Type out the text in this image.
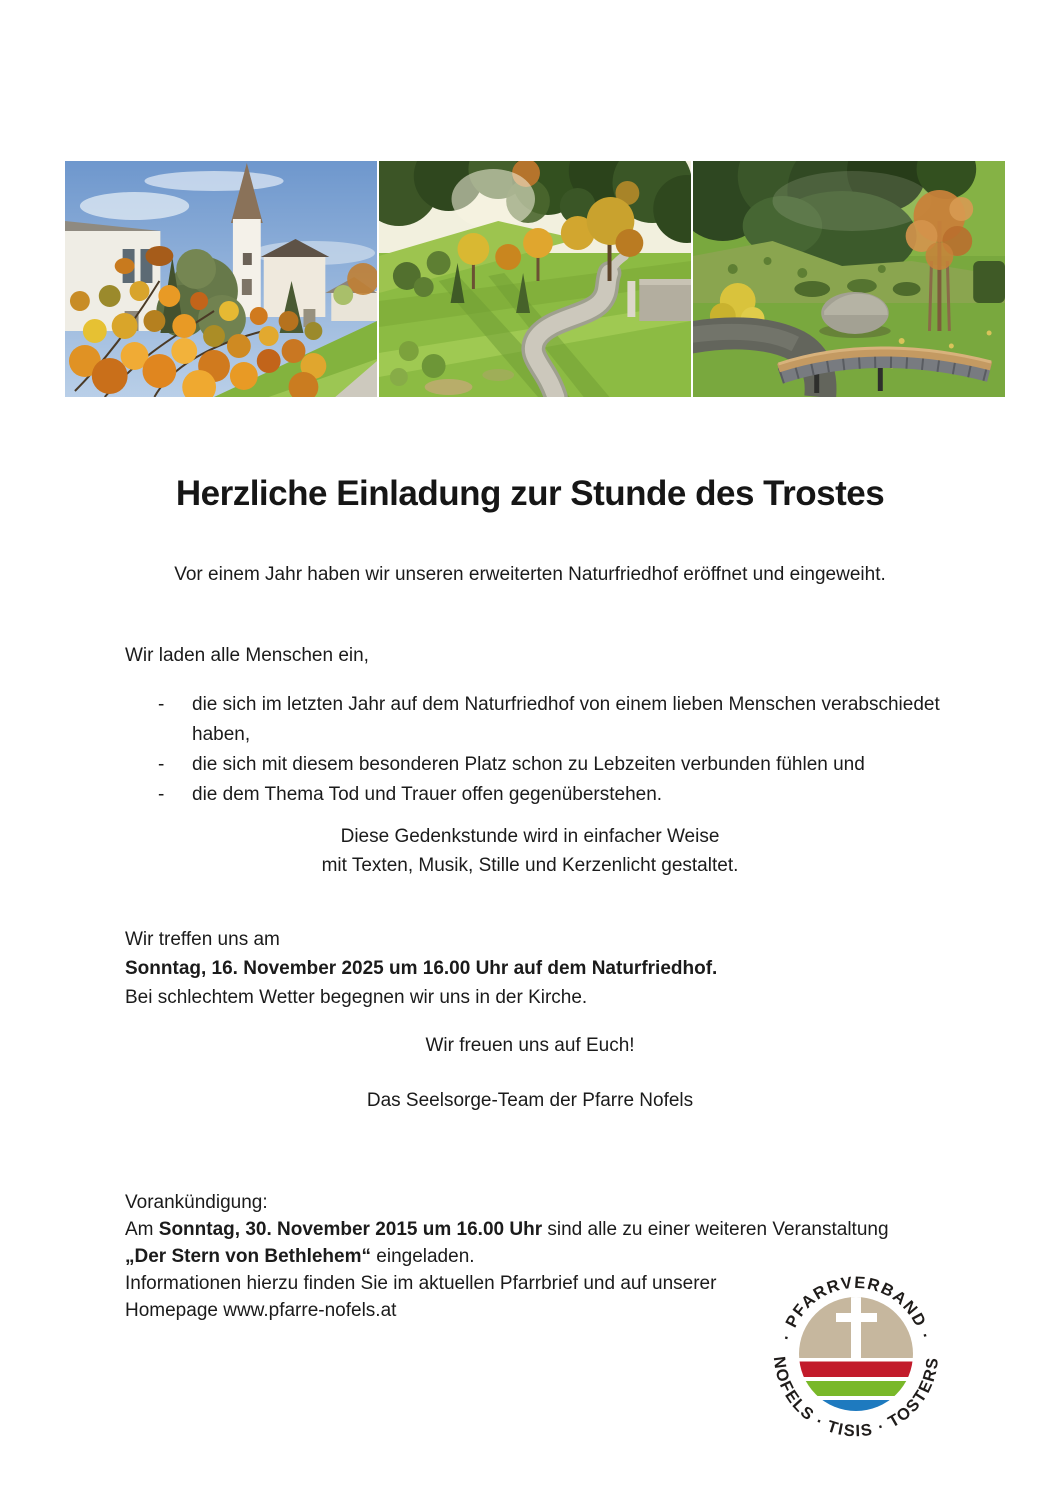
Herzliche Einladung zur Stunde des Trostes
Vor einem Jahr haben wir unseren erweiterten Naturfriedhof eröffnet und eingeweiht.
Wir laden alle Menschen ein,
-	die sich im letzten Jahr auf dem Naturfriedhof von einem lieben Menschen verabschiedet haben,
-	die sich mit diesem besonderen Platz schon zu Lebzeiten verbunden fühlen und
-	die dem Thema Tod und Trauer offen gegenüberstehen.
Diese Gedenkstunde wird in einfacher Weise
mit Texten, Musik, Stille und Kerzenlicht gestaltet.
Wir treffen uns am
Sonntag, 16. November 2025 um 16.00 Uhr auf dem Naturfriedhof.
Bei schlechtem Wetter begegnen wir uns in der Kirche.
Wir freuen uns auf Euch!
Das Seelsorge-Team der Pfarre Nofels
Vorankündigung:
Am Sonntag, 30. November 2015 um 16.00 Uhr sind alle zu einer weiteren Veranstaltung
„Der Stern von Bethlehem“ eingeladen.
Informationen hierzu finden Sie im aktuellen Pfarrbrief und auf unserer
Homepage www.pfarre-nofels.at
· PFARRVERBAND ·
NOFELS · TISIS · TOSTERS
